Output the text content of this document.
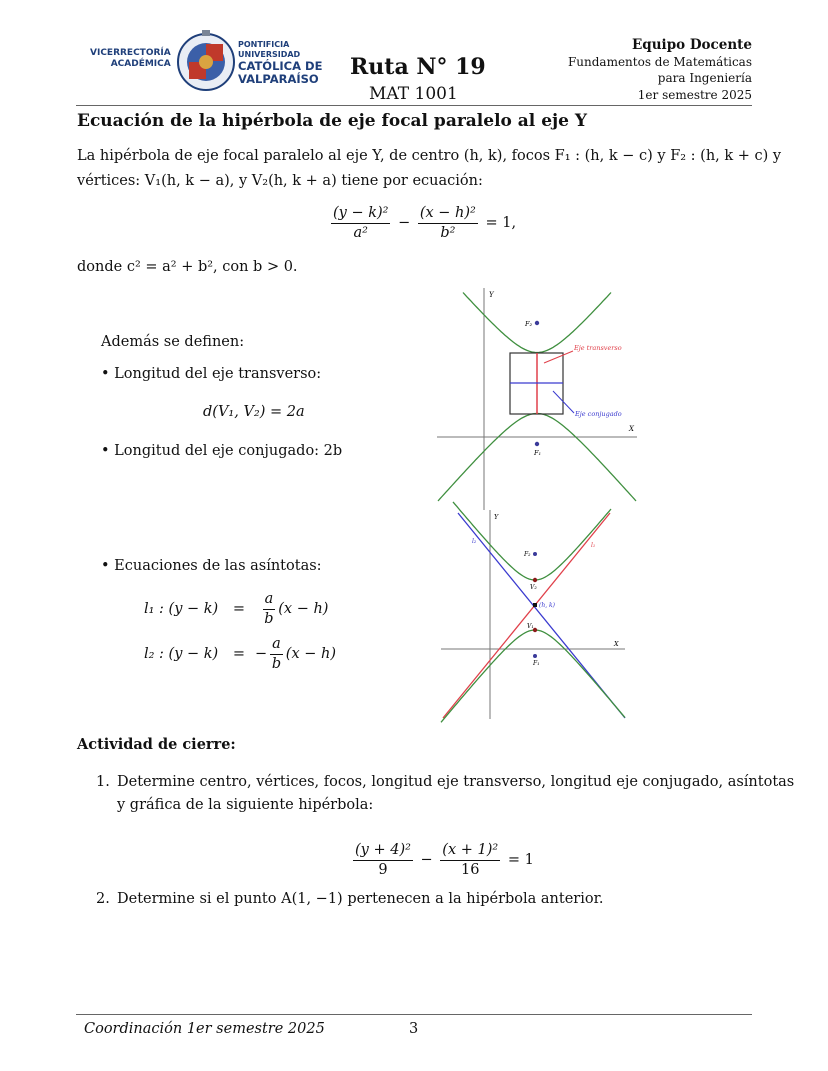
VICERRECTORÍA
ACADÉMICA
PONTIFICIA
UNIVERSIDAD
CATÓLICA DE
VALPARAÍSO Ruta N° 19
MAT 1001
Equipo Docente
Fundamentos de Matemáticas
para Ingeniería
1er semestre 2025
Ecuación de la hipérbola de eje focal paralelo al eje Y
La hipérbola de eje focal paralelo al eje Y, de centro (h, k), focos F₁ : (h, k − c) y F₂ : (h, k + c) y
vértices: V₁(h, k − a), y V₂(h, k + a) tiene por ecuación:
$\frac{\text{(y − k)²}}{\text{a²}} - \frac{\text{(x − h)²}}{\text{b²}} = 1$,
donde c² = a² + b², con b > 0.
Además se definen:
• Longitud del eje transverso:
d(V₁, V₂) = 2a
• Longitud del eje conjugado: 2b
• Ecuaciones de las asíntotas:
l₁ : $(y - k) = \frac{a}{b} (x - h)$
l₂ : (y − k) = − $\frac{a}{b} (x - h)$
Y
X
F₂
F₁
Eje transverso
Eje conjugado
Y
X
F₂
F₁
V₂
V₁
(h, k)
l₂
l₁
Actividad de cierre:
1. Determine centro, vértices, focos, longitud eje transverso, longitud eje conjugado, asíntotas
y gráfica de la siguiente hipérbola:
$\frac{\text{(y + 4)²}}{9} - \frac{\text{(x + 1)²}}{16} = 1$
2. Determine si el punto A(1, −1) pertenecen a la hipérbola anterior.
Coordinación 1er semestre 2025	3
